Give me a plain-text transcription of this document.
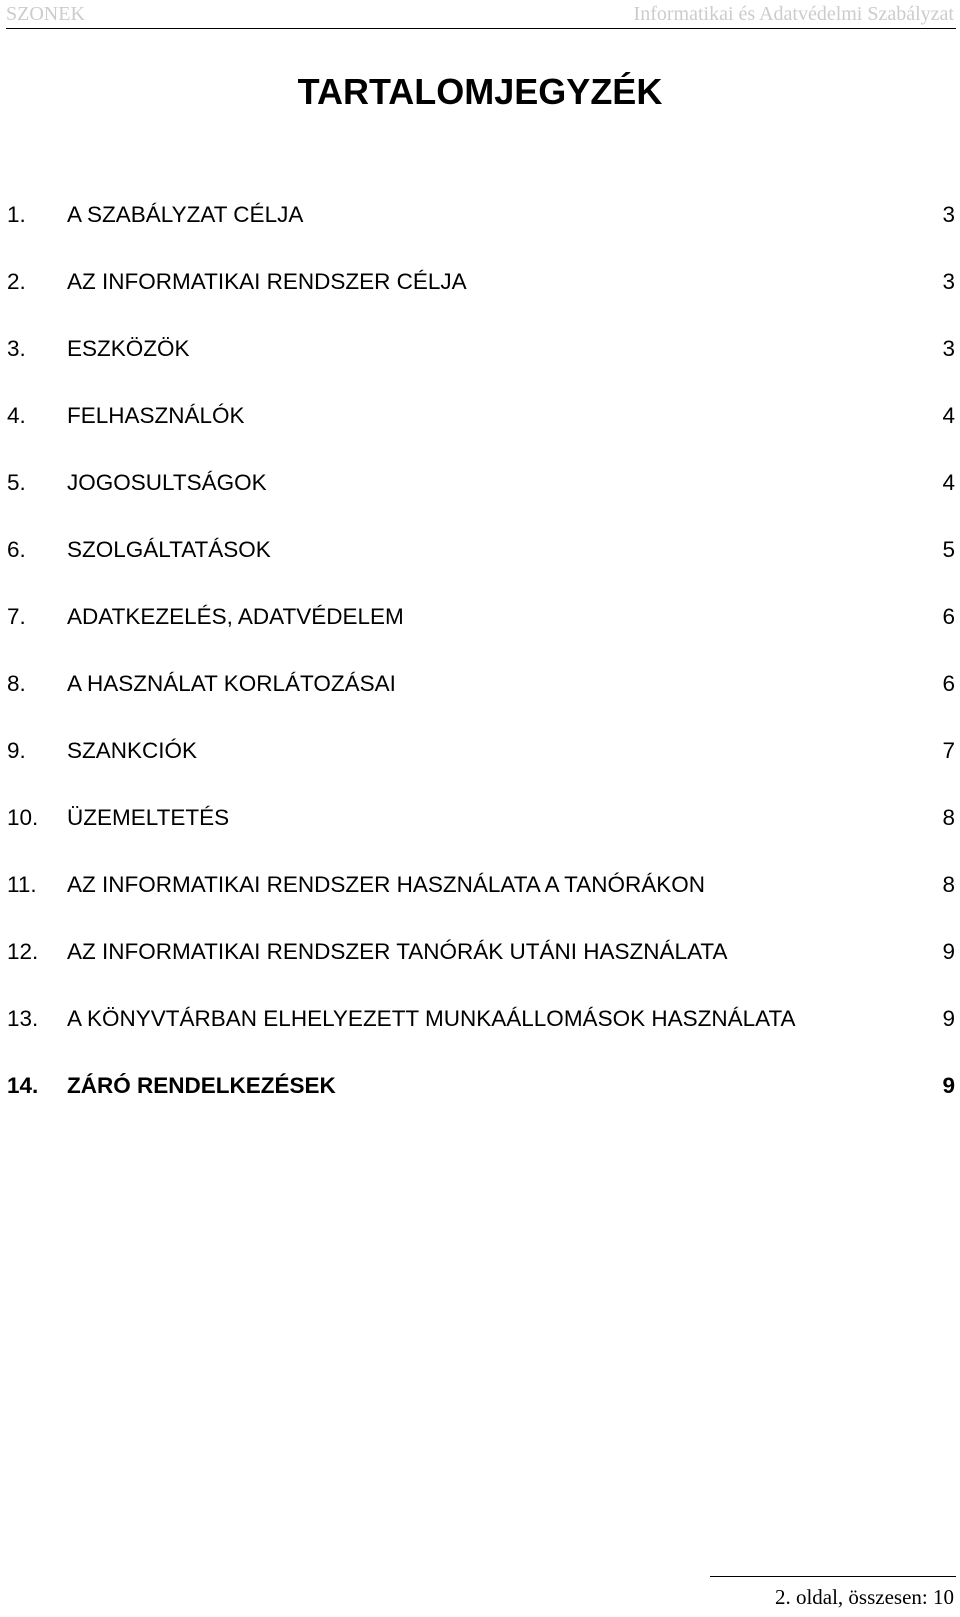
SZONEK	Informatikai és Adatvédelmi Szabályzat
TARTALOMJEGYZÉK
1. A SZABÁLYZAT CÉLJA	3
2. AZ INFORMATIKAI RENDSZER CÉLJA	3
3. ESZKÖZÖK	3
4. FELHASZNÁLÓK	4
5. JOGOSULTSÁGOK	4
6. SZOLGÁLTATÁSOK	5
7. ADATKEZELÉS, ADATVÉDELEM	6
8. A HASZNÁLAT KORLÁTOZÁSAI	6
9. SZANKCIÓK	7
10. ÜZEMELTETÉS	8
11. AZ INFORMATIKAI RENDSZER HASZNÁLATA A TANÓRÁKON	8
12. AZ INFORMATIKAI RENDSZER TANÓRÁK UTÁNI HASZNÁLATA	9
13. A KÖNYVTÁRBAN ELHELYEZETT MUNKAÁLLOMÁSOK HASZNÁLATA	9
14. ZÁRÓ RENDELKEZÉSEK	9
2. oldal, összesen: 10
